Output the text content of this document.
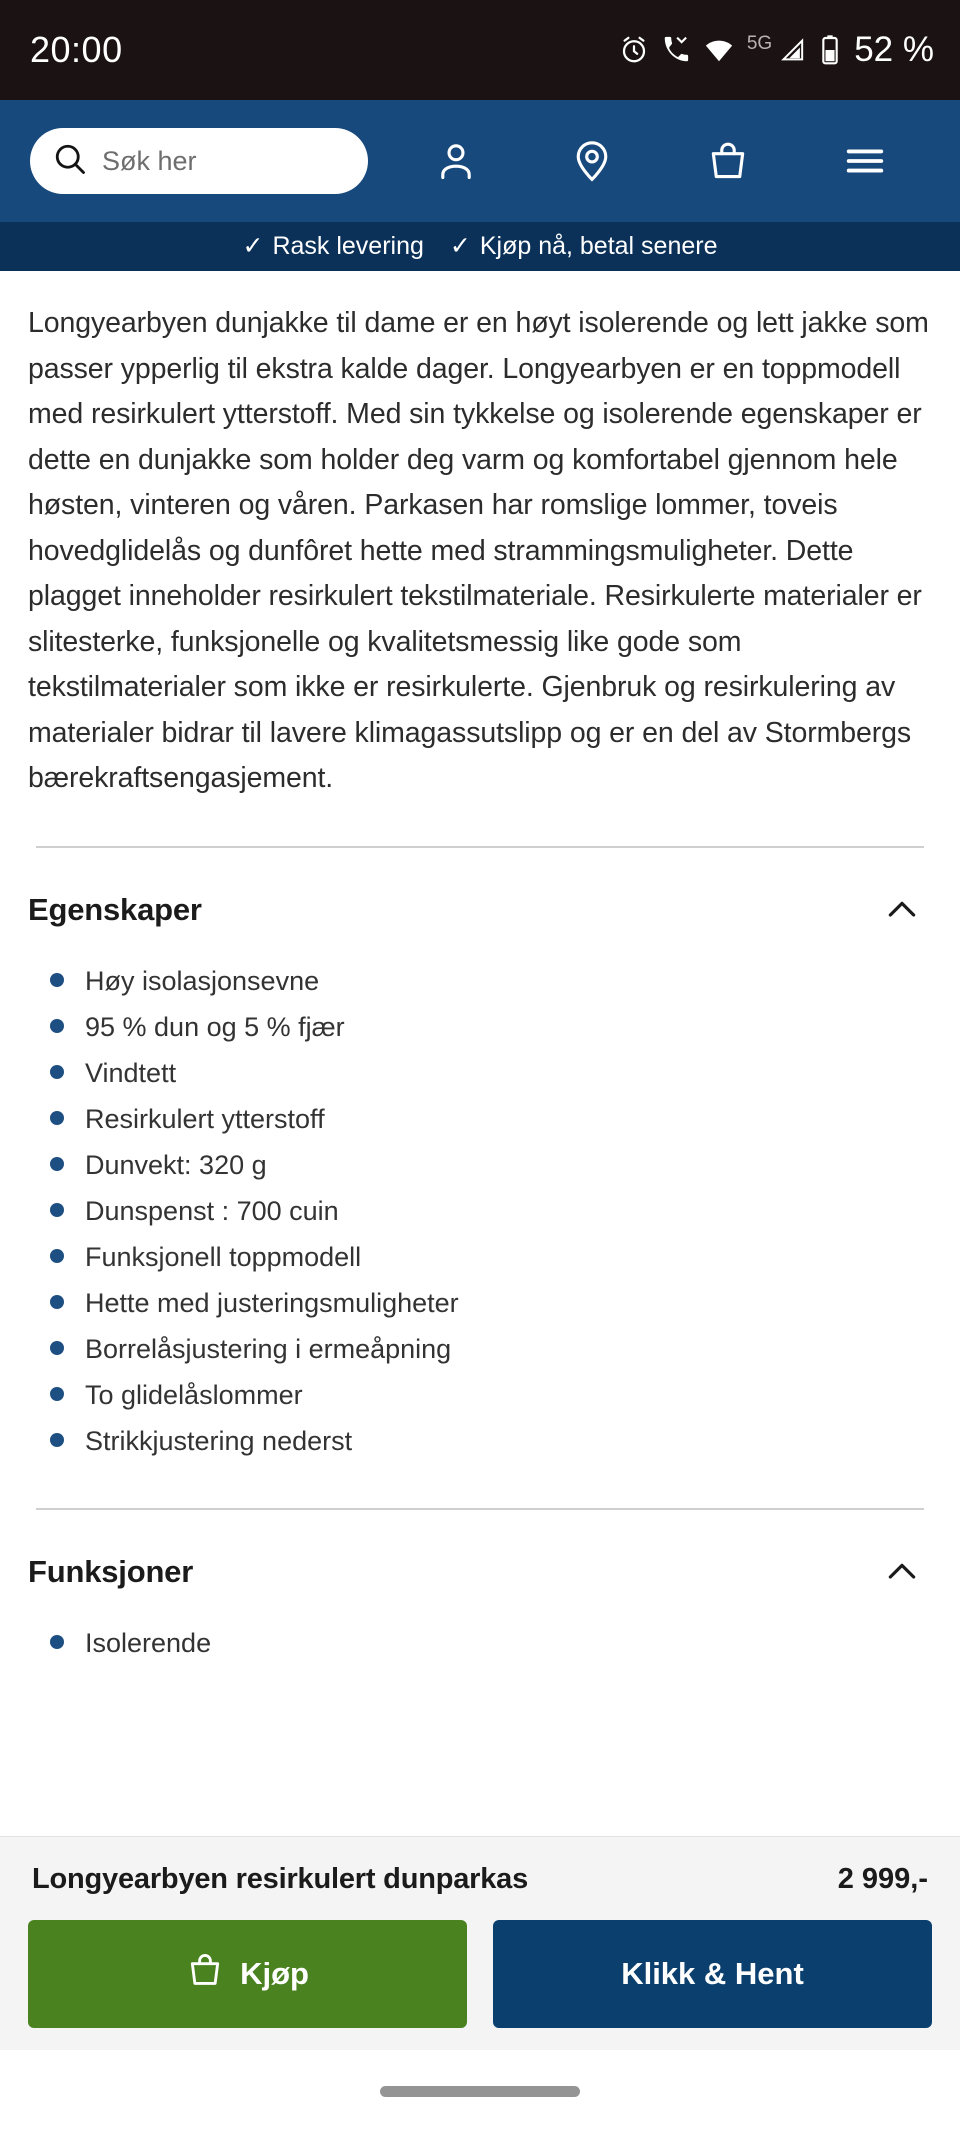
20:00	5G 52 %
Søk her
✓ Rask levering ✓ Kjøp nå, betal senere

Longyearbyen dunjakke til dame er en høyt isolerende og lett jakke som passer ypperlig til ekstra kalde dager. Longyearbyen er en toppmodell med resirkulert ytterstoff. Med sin tykkelse og isolerende egenskaper er dette en dunjakke som holder deg varm og komfortabel gjennom hele høsten, vinteren og våren. Parkasen har romslige lommer, toveis hovedglidelås og dunfôret hette med strammingsmuligheter. Dette plagget inneholder resirkulert tekstilmateriale. Resirkulerte materialer er slitesterke, funksjonelle og kvalitetsmessig like gode som tekstilmaterialer som ikke er resirkulerte. Gjenbruk og resirkulering av materialer bidrar til lavere klimagassutslipp og er en del av Stormbergs bærekraftsengasjement.

Egenskaper
Høy isolasjonsevne
95 % dun og 5 % fjær
Vindtett
Resirkulert ytterstoff
Dunvekt: 320 g
Dunspenst : 700 cuin
Funksjonell toppmodell
Hette med justeringsmuligheter
Borrelåsjustering i ermeåpning
To glidelåslommer
Strikkjustering nederst
Funksjoner
Isolerende
Longyearbyen resirkulert dunparkas	2 999,-
Kjøp	Klikk & Hent
